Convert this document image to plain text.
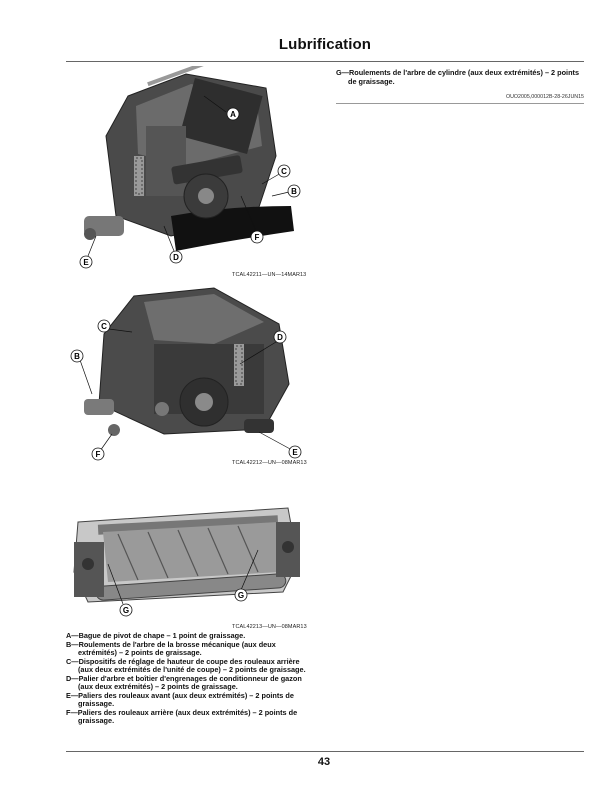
Lubrification
A
C
B
D
E
F
TCAL42211—UN—14MAR13
C
B
D
E
F
TCAL42212—UN—08MAR13
G
G
TCAL42213—UN—08MAR13
A—Bague de pivot de chape – 1 point de graissage.
B—Roulements de l'arbre de la brosse mécanique (aux deux extrémités) – 2 points de graissage.
C—Dispositifs de réglage de hauteur de coupe des rouleaux arrière (aux deux extrémités de l'unité de coupe) – 2 points de graissage.
D—Palier d'arbre et boîtier d'engrenages de conditionneur de gazon (aux deux extrémités) – 2 points de graissage.
E—Paliers des rouleaux avant (aux deux extrémités) – 2 points de graissage.
F—Paliers des rouleaux arrière (aux deux extrémités) – 2 points de graissage.
G—Roulements de l'arbre de cylindre (aux deux extrémités) – 2 points de graissage.
OUO2005,000012B-28-26JUN15
43
